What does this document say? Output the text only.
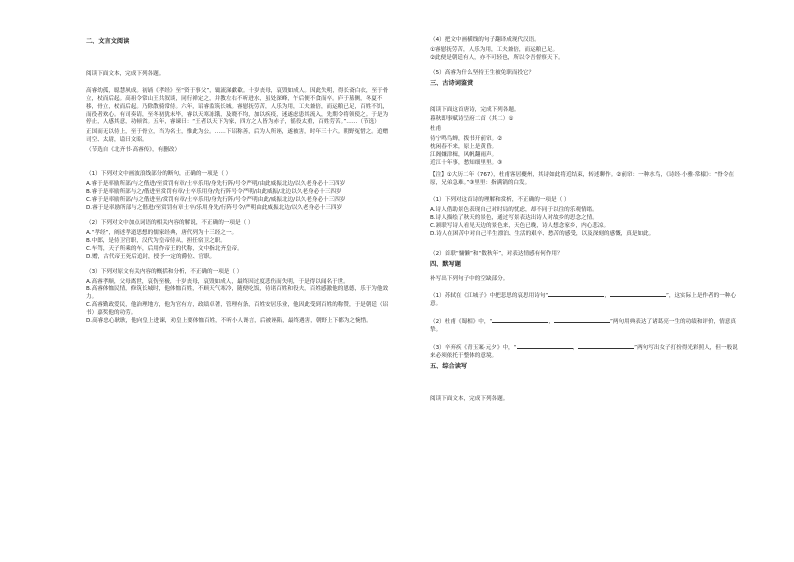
二、文言文阅读

阅读下面文本，完成下列各题。

高睿幼孤，聪慧夙成。初诵《孝经》至“资于事父”，辄流涕歔欷。十岁丧母，哀毁如成人。因此失明，得长斋白衣，至于骨立，杖而后起。高祖令常山王共叙谈，同行禅定之，并教左右不听进水，虽处深峰，午后便不食而卒。庐于墓侧，冬夏不移，骨立，杖而后起。乃除散骑常侍。六年，诏睿监筑长城。睿慰抚劳苦，人乐为用，工夫兼倍，而运粮已足，百姓不饥，而役者欢心。有司奏请，至冬初犹未毕，睿以天寒冻饿，及晓不均，加以疾疫，迷遂虑患其流入，先期令将领使之。于是为停止，人感其意，功顿省。五年，睿谏曰：“王者以天下为家，四方之人皆为赤子，徭役太重，百姓劳苦。”……（节选）

正国而无以侍上，至于骨立，当为名士，惟此为公。……下诏称善，后为人所诬，遂被害，时年三十六。朝野冤惜之。追赠司空、太尉，谥曰文昭。

（节选自《北齐书·高睿传》，有删改）

（1）下列对文中画波浪线部分的断句，正确的一项是（ ）

A.睿于是率励所部/与之偕进/至赏罚有章/士卒乐用/身先行阵/号令严明/由此威振北边/以久老身必十三四岁

B.睿于是率励所部与之/偕进至赏罚有章/士卒乐用身/先行阵号令严明/由此威振/北边以久老身必十三四岁

C.睿于是率励所部/与之偕进至/赏罚有章/士卒乐用/身先行阵/号令严明由此/威振北边/以久老身必十三四岁

D.睿于是率励所部与之偕进/至赏罚有章士卒/乐用身先/行阵号令/严明由此威振北边/以久老身必十三四岁

（2）下列对文中加点词语的相关内容的解说，不正确的一项是（ ）

A.“孝经”，阐述孝道思想的儒家经典，唐代列为十三经之一。

B.中郎，是侍卫官职，汉代为皇帝侍从，担任宿卫之职。

C.车驾，天子所乘的车，后用作帝王的代称，文中指北齐皇帝。

D.赠，古代帝王死后追封，授予一定的爵位、官职。

（3）下列对原文有关内容的概括和分析，不正确的一项是（ ）

A.高睿孝顺，父母离世，哀伤至极，十岁丧母，哀毁如成人，最终因过度悲伤而失明，于是得以闻名于世。

B.高睿体恤民情，修筑长城时，他体恤百姓，不顾天气寒冷，随便吃饭，待诸百姓和役夫，百姓感激他的恩德，乐于为他效力。

C.高睿勤政爱民，他治理地方，他为官有方，政绩卓著，管理有条，百姓安居乐业，他因此受到百姓的称赞，于是朝廷（诏书）嘉奖他的功劳。

D.高睿忠心耿耿，他向皇上进谏，劝皇上要体恤百姓，不听小人谗言，后被诬陷，最终遇害，朝野上下都为之惋惜。

（4）把文中画横线的句子翻译成现代汉语。

①睿慰抚劳苦，人乐为用，工夫兼倍，而运粮已足。

②此便是朝廷有人，亦不可轻也，所以令吾督察天下。

（5）高睿为什么坚持王生被免职而投它？

三、古诗词鉴赏

阅读下面这首唐诗，完成下列各题。

暮秋即事赋诗呈府二首（其二）①

杜甫

待宁鸣鸟蝉，拨书开前帘。②

枕闲春不来，原上是黄昏。

江阁嫌津楫，风帆翻雨声。

近江十年事，愁知细里里。③

【注】①大历二年（767），杜甫客居夔州，其诗如此将近结束，转述聊作。②前帘：一种水鸟，《诗经·小雅·常棣》：“脊令在原，兄弟急难。”③里里：指满锅的白发。

（1）下列对这首诗的理解和赏析，不正确的一项是（ ）

A.诗人借助景色表现自己对时局的忧虑，却不同于以往的乐观情绪。

B.诗人描绘了秋天的景色，通过写景表达出诗人对故乡的思念之情。

C.颔联写诗人看见天边的景色来，天色已晚，诗人想念家乡，内心悲凉。

D.诗人在困苦中对自己半生漂泊、生活的艰辛、愁苦的感受，以及深刻的感慨，真是如此。

（2）首联“慵懒”和“数秋年”，对表达情感有何作用？

四、默写题

补写出下列句子中的空缺部分。

（1）苏轼在《江城子》中把悲思的哀思用诗句“	，	”，这实际上是作者的一种心意。

（2）杜甫《蜀相》中，“	，	”两句用典表达了诸葛亮一生的功绩和评价，情意真挚。

（3）辛弃疾《青玉案·元夕》中，“	，	”两句写出女子打扮得光彩照人，但一般说来必须依托于整体的意境。

五、综合读写

阅读下面文本，完成下列各题。
